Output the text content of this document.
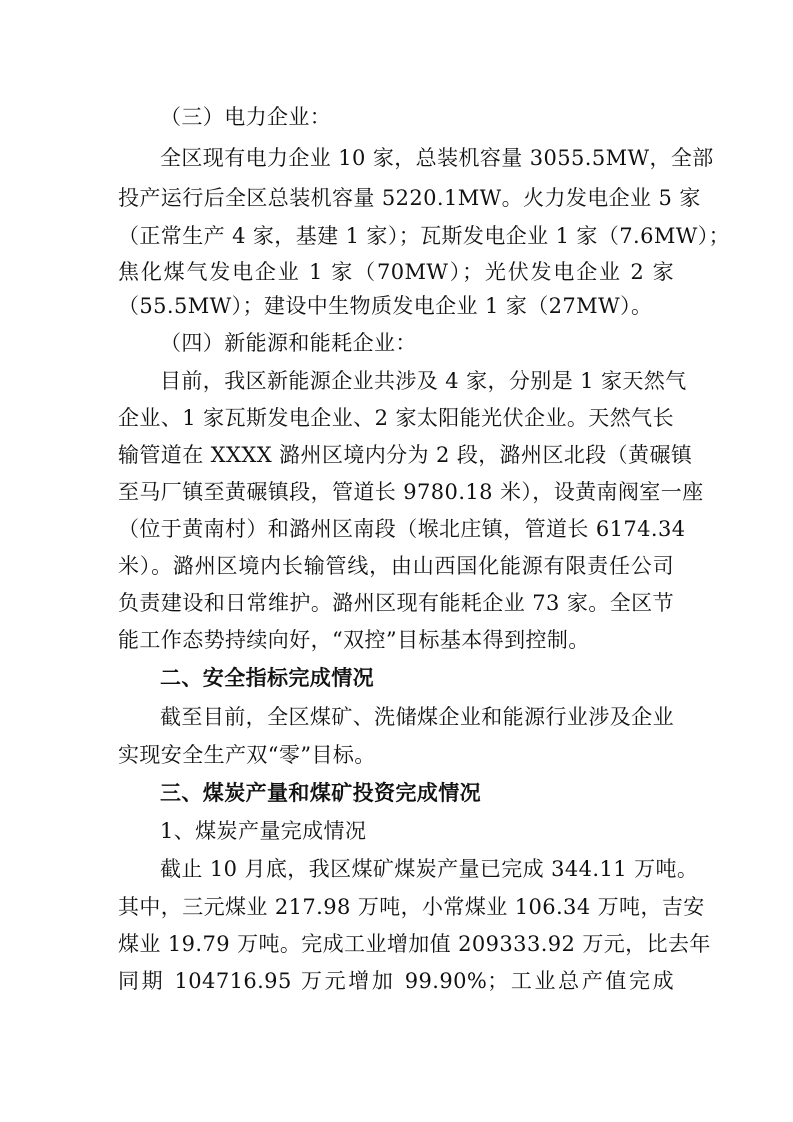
（三）电力企业：
全区现有电力企业 10 家，总装机容量 3055.5MW，全部
投产运行后全区总装机容量 5220.1MW。火力发电企业 5 家
（正常生产 4 家，基建 1 家）；瓦斯发电企业 1 家（7.6MW）；
焦化煤气发电企业 1 家（70MW）；光伏发电企业 2 家
（55.5MW）；建设中生物质发电企业 1 家（27MW）。
（四）新能源和能耗企业：
目前，我区新能源企业共涉及 4 家，分别是 1 家天然气
企业、1 家瓦斯发电企业、2 家太阳能光伏企业。天然气长
输管道在 XXXX 潞州区境内分为 2 段，潞州区北段（黄碾镇
至马厂镇至黄碾镇段，管道长 9780.18 米），设黄南阀室一座
（位于黄南村）和潞州区南段（堠北庄镇，管道长 6174.34
米）。潞州区境内长输管线，由山西国化能源有限责任公司
负责建设和日常维护。潞州区现有能耗企业 73 家。全区节
能工作态势持续向好，“双控”目标基本得到控制。
二、安全指标完成情况
截至目前，全区煤矿、洗储煤企业和能源行业涉及企业
实现安全生产双“零”目标。
三、煤炭产量和煤矿投资完成情况
1、煤炭产量完成情况
截止 10 月底，我区煤矿煤炭产量已完成 344.11 万吨。
其中，三元煤业 217.98 万吨，小常煤业 106.34 万吨，吉安
煤业 19.79 万吨。完成工业增加值 209333.92 万元，比去年
同期 104716.95 万元增加 99.90%；工业总产值完成
